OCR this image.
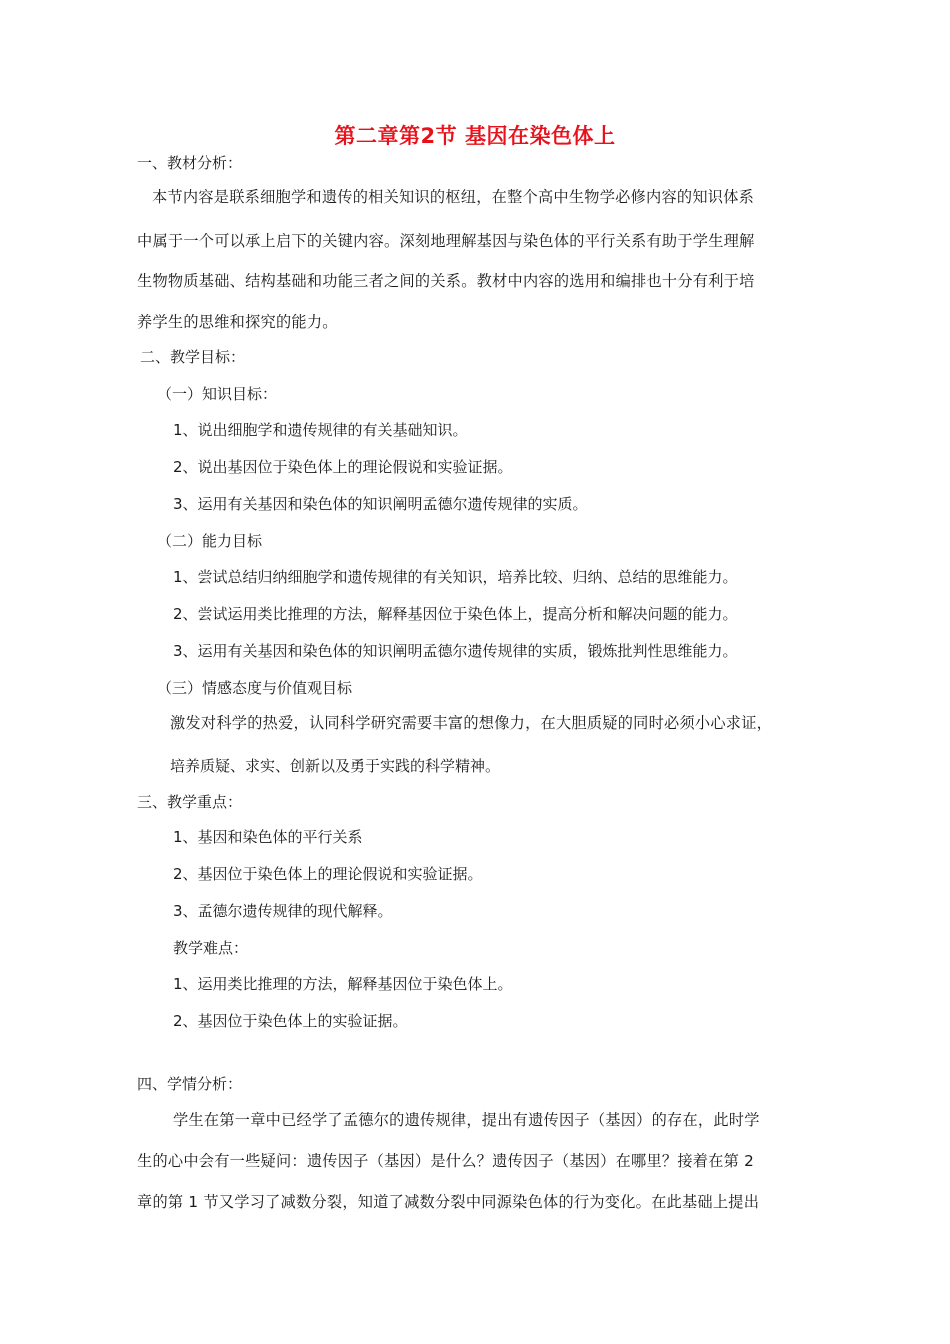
第二章第2节 基因在染色体上
一、教材分析：
本节内容是联系细胞学和遗传的相关知识的枢纽，在整个高中生物学必修内容的知识体系
中属于一个可以承上启下的关键内容。深刻地理解基因与染色体的平行关系有助于学生理解
生物物质基础、结构基础和功能三者之间的关系。教材中内容的选用和编排也十分有利于培
养学生的思维和探究的能力。
二、教学目标：
（一）知识目标：
1、说出细胞学和遗传规律的有关基础知识。
2、说出基因位于染色体上的理论假说和实验证据。
3、运用有关基因和染色体的知识阐明孟德尔遗传规律的实质。
（二）能力目标
1、尝试总结归纳细胞学和遗传规律的有关知识，培养比较、归纳、总结的思维能力。
2、尝试运用类比推理的方法，解释基因位于染色体上，提高分析和解决问题的能力。
3、运用有关基因和染色体的知识阐明孟德尔遗传规律的实质，锻炼批判性思维能力。
（三）情感态度与价值观目标
激发对科学的热爱，认同科学研究需要丰富的想像力，在大胆质疑的同时必须小心求证，
培养质疑、求实、创新以及勇于实践的科学精神。
三、教学重点：
1、基因和染色体的平行关系
2、基因位于染色体上的理论假说和实验证据。
3、孟德尔遗传规律的现代解释。
教学难点：
1、运用类比推理的方法，解释基因位于染色体上。
2、基因位于染色体上的实验证据。
四、学情分析：
学生在第一章中已经学了孟德尔的遗传规律，提出有遗传因子（基因）的存在，此时学
生的心中会有一些疑问：遗传因子（基因）是什么？遗传因子（基因）在哪里？接着在第 2
章的第 1 节又学习了减数分裂，知道了减数分裂中同源染色体的行为变化。在此基础上提出
